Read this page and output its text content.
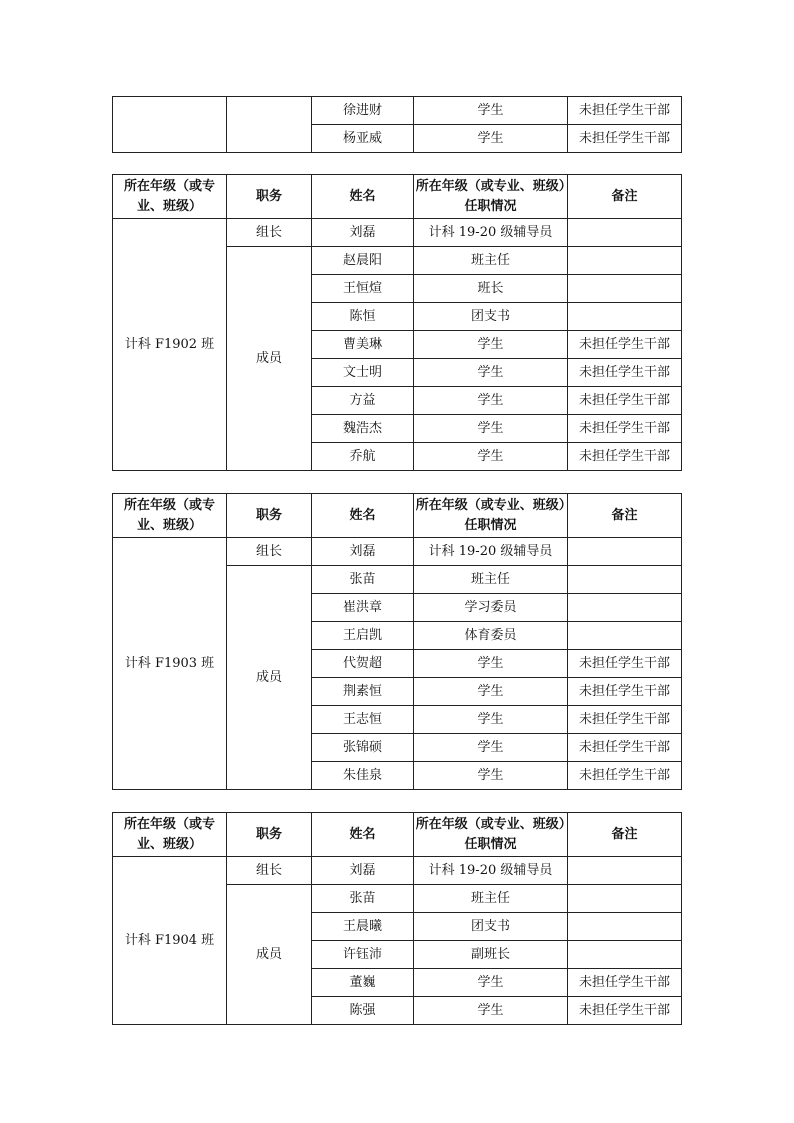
		徐进财	学生	未担任学生干部
		杨亚威	学生	未担任学生干部
所在年级（或专业、班级）	职务	姓名	所在年级（或专业、班级）任职情况	备注
计科 F1902 班	组长	刘磊	计科 19-20 级辅导员	
	成员	赵晨阳	班主任	
		王恒煊	班长	
		陈恒	团支书	
		曹美琳	学生	未担任学生干部
		文士明	学生	未担任学生干部
		方益	学生	未担任学生干部
		魏浩杰	学生	未担任学生干部
		乔航	学生	未担任学生干部
所在年级（或专业、班级）	职务	姓名	所在年级（或专业、班级）任职情况	备注
计科 F1903 班	组长	刘磊	计科 19-20 级辅导员	
	成员	张苗	班主任	
		崔洪章	学习委员	
		王启凯	体育委员	
		代贺超	学生	未担任学生干部
		荆素恒	学生	未担任学生干部
		王志恒	学生	未担任学生干部
		张锦硕	学生	未担任学生干部
		朱佳泉	学生	未担任学生干部
所在年级（或专业、班级）	职务	姓名	所在年级（或专业、班级）任职情况	备注
计科 F1904 班	组长	刘磊	计科 19-20 级辅导员	
	成员	张苗	班主任	
		王晨曦	团支书	
		许钰沛	副班长	
		董巍	学生	未担任学生干部
		陈强	学生	未担任学生干部
